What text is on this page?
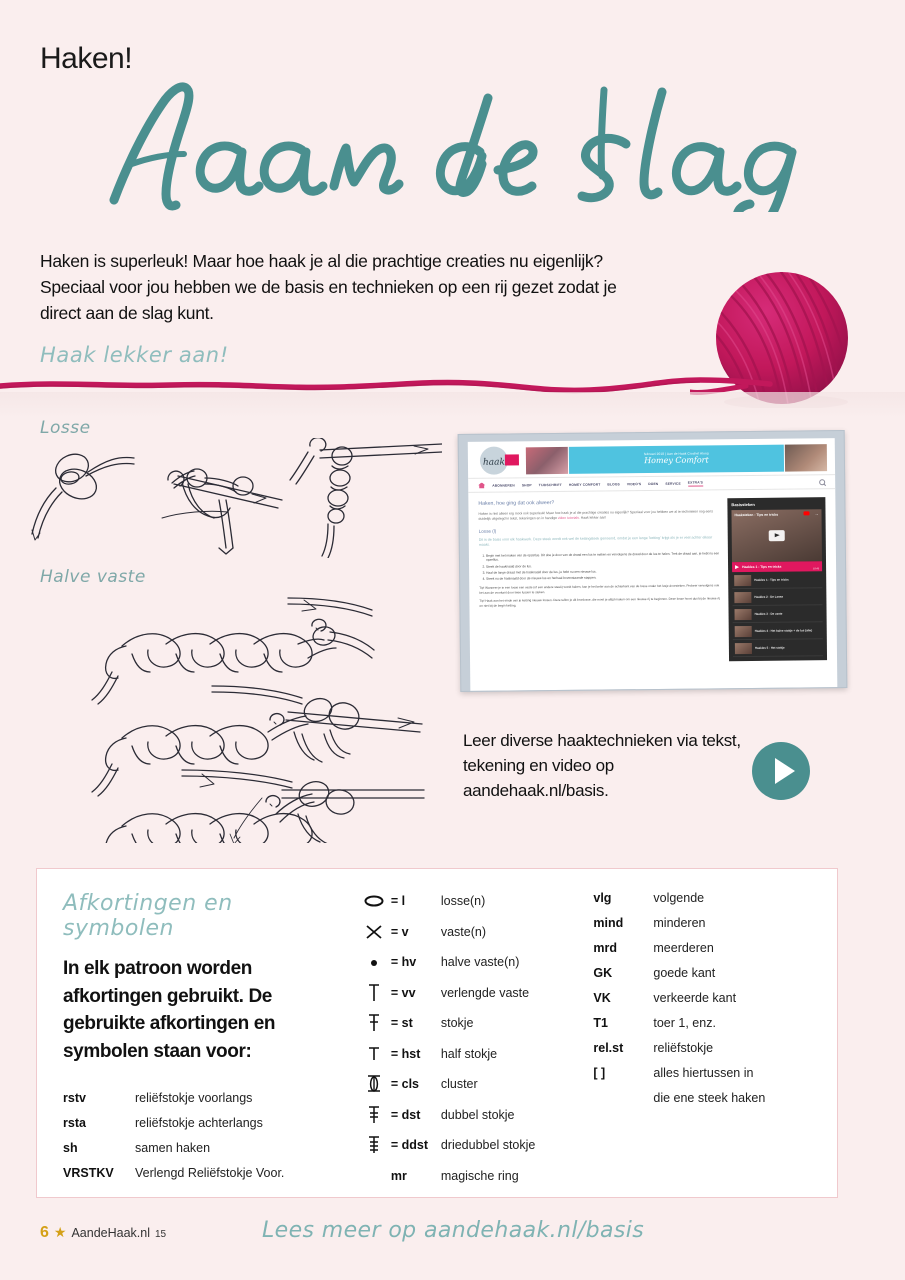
Haken!

Haken is superleuk! Maar hoe haak je al die prachtige creaties nu eigenlijk? Speciaal voor jou hebben we de basis en technieken op een rij gezet zodat je direct aan de slag kunt.

Haak lekker aan!
Losse
Halve vaste
haak
februari 2018 | Aan de Haak Crochet Along
Homey Comfort
ABONNEREN SHOP TIJDSCHRIFT HOMEY COMFORT BLOGS VIDEO'S DOEN SERVICE EXTRA'S
Haken, hoe ging dat ook alweer?
Haken is niet alleen erg mooi ook superleuk! Maar hoe haak je al die prachtige creaties nu eigenlijk? Speciaal voor jou hebben we al te technieken nog eens duidelijk uitgelegd in tekst, tekeningen en in handige video tutorials. Haak lekker aan!
Losse (l)
Dit is de basis voor elk haakwerk. Deze steek wordt ook wel de kettingsteek genoemd, omdat je een lange 'ketting' krijgt als je er veel achter elkaar maakt.
1. Begin met het maken van de opzetlus. Dit doe je door van de draad een lus te maken en vervolgens de draad door de lus te halen. Trek de draad aan, je hebt nu een opzetlus.
2. Steek de haaknaald door de lus.
3. Haal de lange draad met de haaknaald door de lus, je hebt nu een nieuwe lus.
4. Steek nu de haaknaald door de nieuwe lus en herhaal bovenstaande stappen.
Tip! Wanneer je in een losse een vaste (of een andere steek) wordt haken, kan je het beter aan de achterkant van de losse onder het lusje doorsteken. Probeer vervolgens ook het aan de voorkant door twee lussen te steken.
Tip! Haak aan het einde van je ketting nieuwe lossen. Deze tellen je dit bronlosse, die moet je altijd maken om een nieuwe rij te beginnen. Deze losse hoort dus bij de nieuwe rij en niet bij de begin ketting.
Basissteken
Haaksteken - Tips en tricks	→
Haakles 1 - Tips en tricks	10:45
Haakles 1 - Tips en tricks
Haakles 2 - De Losse
Haakles 3 - De vaste
Haakles 4 - Het halve stokje + de lus (afm)
Haakles 5 - Het stokje
Leer diverse haaktechnieken via tekst, tekening en video op aandehaak.nl/basis.
Afkortingen en symbolen
In elk patroon worden afkortingen gebruikt. De gebruikte afkortingen en symbolen staan voor:
rstv	reliëfstokje voorlangs
rsta	reliëfstokje achterlangs
sh	samen haken
VRSTKV	Verlengd Reliëfstokje Voor.
= l	losse(n)
= v	vaste(n)
= hv	halve vaste(n)
= vv	verlengde vaste
= st	stokje
= hst	half stokje
= cls	cluster
= dst	dubbel stokje
= ddst	driedubbel stokje
mr	magische ring
vlg	volgende
mind	minderen
mrd	meerderen
GK	goede kant
VK	verkeerde kant
T1	toer 1, enz.
rel.st	reliëfstokje
[ ]	alles hiertussen in
die ene steek haken
6 ★ AandeHaak.nl 15	Lees meer op aandehaak.nl/basis
